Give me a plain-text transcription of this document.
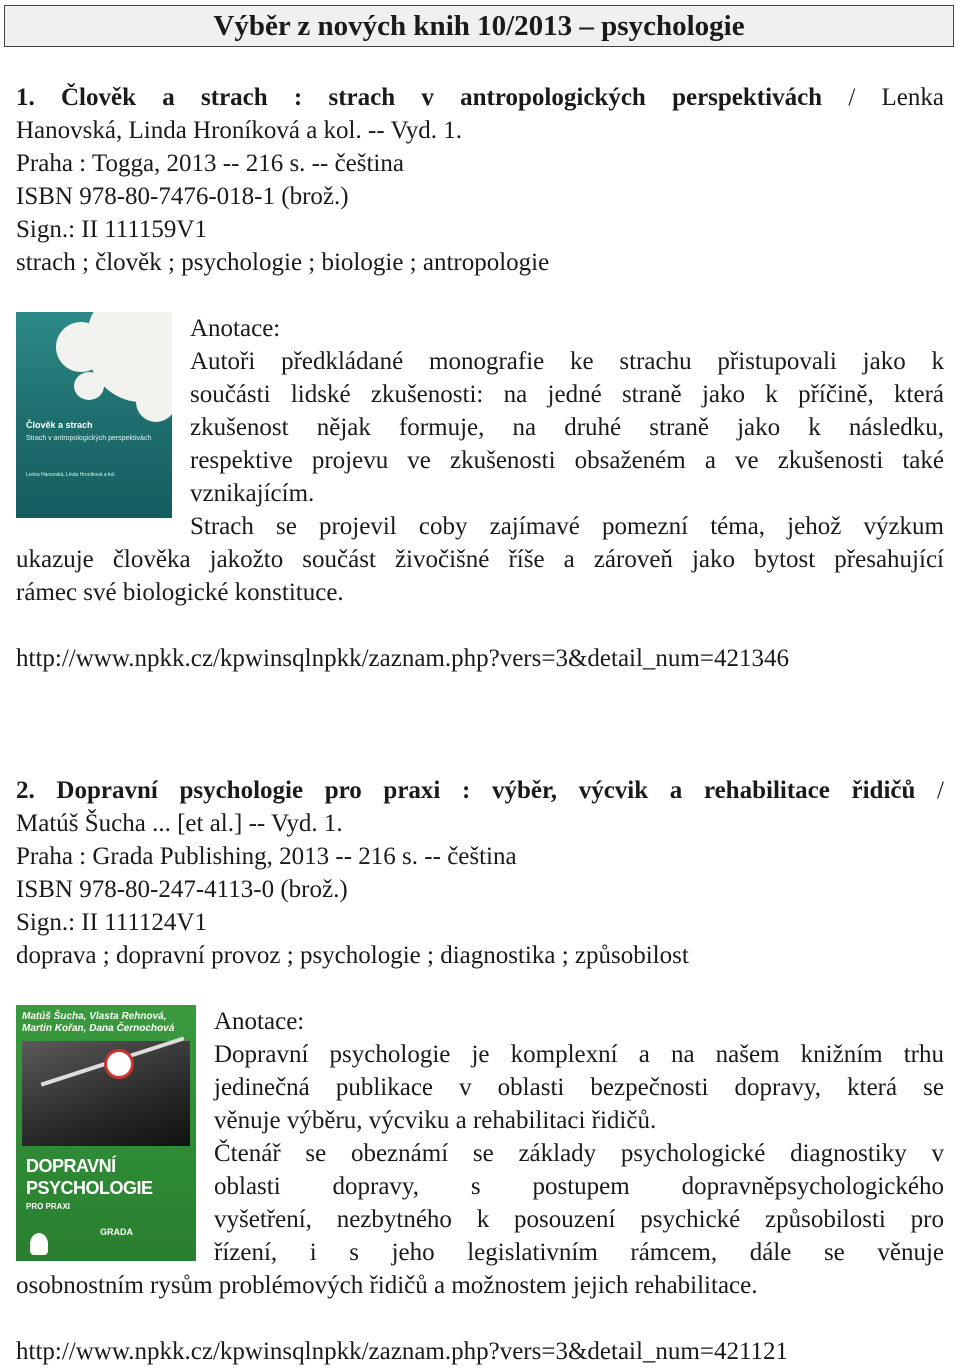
Výběr z nových knih 10/2013 – psychologie
1. Člověk a strach : strach v antropologických perspektivách / Lenka
Hanovská, Linda Hroníková a kol. -- Vyd. 1.
Praha : Togga, 2013 -- 216 s. -- čeština
ISBN 978-80-7476-018-1 (brož.)
Sign.: II 111159V1
strach ; člověk ; psychologie ; biologie ; antropologie
Člověk a strach
Strach v antropologických perspektivách
Lenka Hanovská, Linda Hroníková a kol.
Anotace:
Autoři předkládané monografie ke strachu přistupovali jako k
součásti lidské zkušenosti: na jedné straně jako k příčině, která
zkušenost nějak formuje, na druhé straně jako k následku,
respektive projevu ve zkušenosti obsaženém a ve zkušenosti také
vznikajícím.
Strach se projevil coby zajímavé pomezní téma, jehož výzkum
ukazuje člověka jakožto součást živočišné říše a zároveň jako bytost přesahující
rámec své biologické konstituce.
http://www.npkk.cz/kpwinsqlnpkk/zaznam.php?vers=3&detail_num=421346
2. Dopravní psychologie pro praxi : výběr, výcvik a rehabilitace řidičů /
Matúš Šucha ... [et al.] -- Vyd. 1.
Praha : Grada Publishing, 2013 -- 216 s. -- čeština
ISBN 978-80-247-4113-0 (brož.)
Sign.: II 111124V1
doprava ; dopravní provoz ; psychologie ; diagnostika ; způsobilost
Matúš Šucha, Vlasta Rehnová, Martin Kořan, Dana Černochová
DOPRAVNÍ
PSYCHOLOGIE
PRO PRAXI
GRADA
Anotace:
Dopravní psychologie je komplexní a na našem knižním trhu
jedinečná publikace v oblasti bezpečnosti dopravy, která se
věnuje výběru, výcviku a rehabilitaci řidičů.
Čtenář se obeznámí se základy psychologické diagnostiky v
oblasti dopravy, s postupem dopravněpsychologického
vyšetření, nezbytného k posouzení psychické způsobilosti pro
řízení, i s jeho legislativním rámcem, dále se věnuje
osobnostním rysům problémových řidičů a možnostem jejich rehabilitace.
http://www.npkk.cz/kpwinsqlnpkk/zaznam.php?vers=3&detail_num=421121
